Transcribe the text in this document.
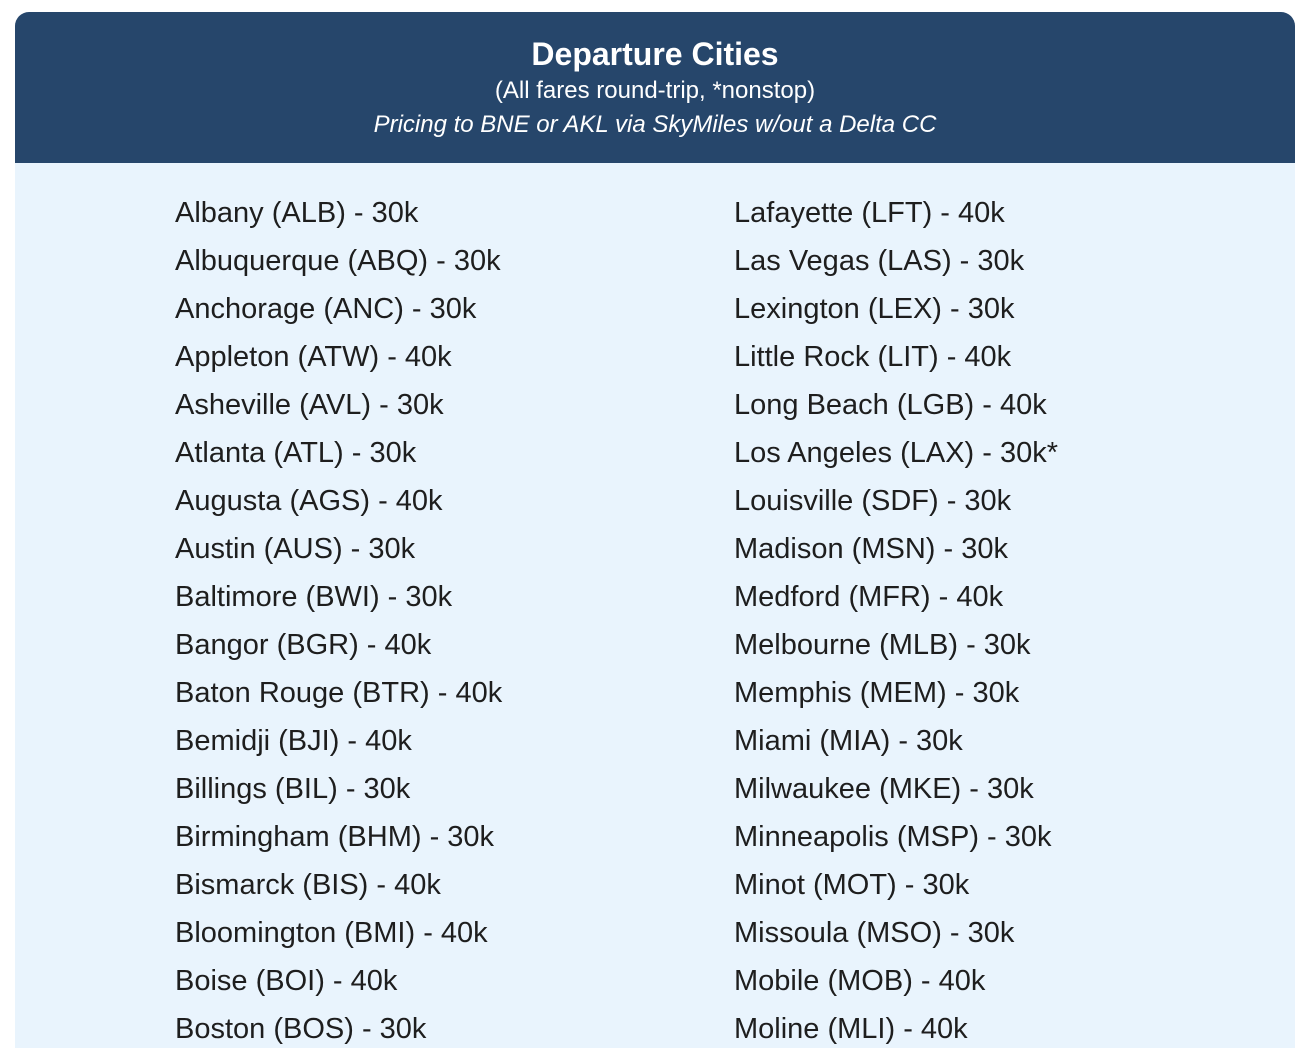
Departure Cities

(All fares round-trip, *nonstop)

Pricing to BNE or AKL via SkyMiles w/out a Delta CC

Albany (ALB) - 30k
Albuquerque (ABQ) - 30k
Anchorage (ANC) - 30k
Appleton (ATW) - 40k
Asheville (AVL) - 30k
Atlanta (ATL) - 30k
Augusta (AGS) - 40k
Austin (AUS) - 30k
Baltimore (BWI) - 30k
Bangor (BGR) - 40k
Baton Rouge (BTR) - 40k
Bemidji (BJI) - 40k
Billings (BIL) - 30k
Birmingham (BHM) - 30k
Bismarck (BIS) - 40k
Bloomington (BMI) - 40k
Boise (BOI) - 40k
Boston (BOS) - 30k
Lafayette (LFT) - 40k
Las Vegas (LAS) - 30k
Lexington (LEX) - 30k
Little Rock (LIT) - 40k
Long Beach (LGB) - 40k
Los Angeles (LAX) - 30k*
Louisville (SDF) - 30k
Madison (MSN) - 30k
Medford (MFR) - 40k
Melbourne (MLB) - 30k
Memphis (MEM) - 30k
Miami (MIA) - 30k
Milwaukee (MKE) - 30k
Minneapolis (MSP) - 30k
Minot (MOT) - 30k
Missoula (MSO) - 30k
Mobile (MOB) - 40k
Moline (MLI) - 40k
